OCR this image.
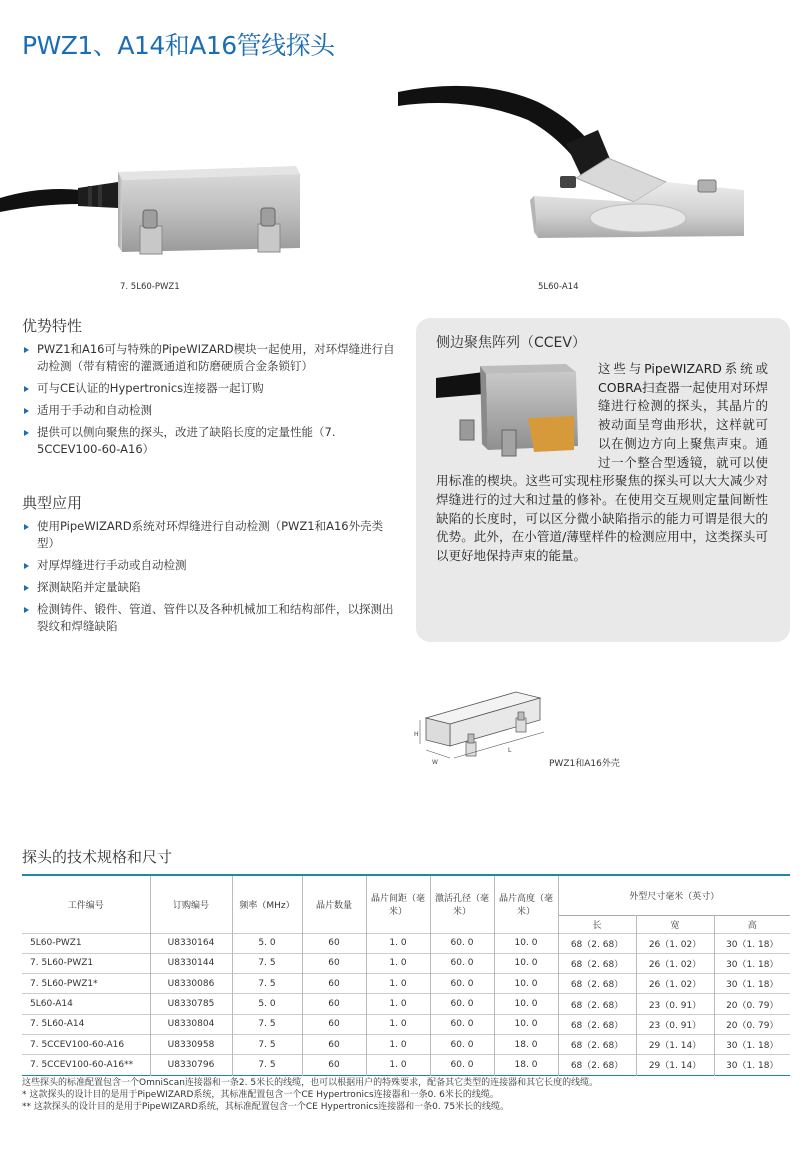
PWZ1、A14和A16管线探头
7. 5L60-PWZ1	5L60-A14
优势特性
PWZ1和A16可与特殊的PipeWIZARD楔块一起使用，对环焊缝进行自动检测（带有精密的灌溉通道和防磨硬质合金条锁钉）
可与CE认证的Hypertronics连接器一起订购
适用于手动和自动检测
提供可以侧向聚焦的探头，改进了缺陷长度的定量性能（7. 5CCEV100-60-A16）
典型应用
使用PipeWIZARD系统对环焊缝进行自动检测（PWZ1和A16外壳类型）
对厚焊缝进行手动或自动检测
探测缺陷并定量缺陷
检测铸件、锻件、管道、管件以及各种机械加工和结构部件，以探测出裂纹和焊缝缺陷
侧边聚焦阵列（CCEV）
这些与PipeWIZARD系统或COBRA扫查器一起使用对环焊缝进行检测的探头，其晶片的被动面呈弯曲形状，这样就可以在侧边方向上聚焦声束。通过一个整合型透镜，就可以使用标准的楔块。这些可实现柱形聚焦的探头可以大大减少对焊缝进行的过大和过量的修补。在使用交互规则定量间断性缺陷的长度时，可以区分微小缺陷指示的能力可谓是很大的优势。此外，在小管道/薄壁样件的检测应用中，这类探头可以更好地保持声束的能量。
H
W
L
PWZ1和A16外壳
探头的技术规格和尺寸
工件编号	订购编号	频率（MHz）	晶片数量	晶片间距（毫米）	激活孔径（毫米）	晶片高度（毫米）	外型尺寸毫米（英寸）		
							长	宽	高
5L60-PWZ1	U8330164	5. 0	60	1. 0	60. 0	10. 0	68（2. 68）	26（1. 02）	30（1. 18）
7. 5L60-PWZ1	U8330144	7. 5	60	1. 0	60. 0	10. 0	68（2. 68）	26（1. 02）	30（1. 18）
7. 5L60-PWZ1*	U8330086	7. 5	60	1. 0	60. 0	10. 0	68（2. 68）	26（1. 02）	30（1. 18）
5L60-A14	U8330785	5. 0	60	1. 0	60. 0	10. 0	68（2. 68）	23（0. 91）	20（0. 79）
7. 5L60-A14	U8330804	7. 5	60	1. 0	60. 0	10. 0	68（2. 68）	23（0. 91）	20（0. 79）
7. 5CCEV100-60-A16	U8330958	7. 5	60	1. 0	60. 0	18. 0	68（2. 68）	29（1. 14）	30（1. 18）
7. 5CCEV100-60-A16**	U8330796	7. 5	60	1. 0	60. 0	18. 0	68（2. 68）	29（1. 14）	30（1. 18）
这些探头的标准配置包含一个OmniScan连接器和一条2. 5米长的线缆，也可以根据用户的特殊要求，配备其它类型的连接器和其它长度的线缆。
* 这款探头的设计目的是用于PipeWIZARD系统，其标准配置包含一个CE Hypertronics连接器和一条0. 6米长的线缆。
** 这款探头的设计目的是用于PipeWIZARD系统，其标准配置包含一个CE Hypertronics连接器和一条0. 75米长的线缆。
